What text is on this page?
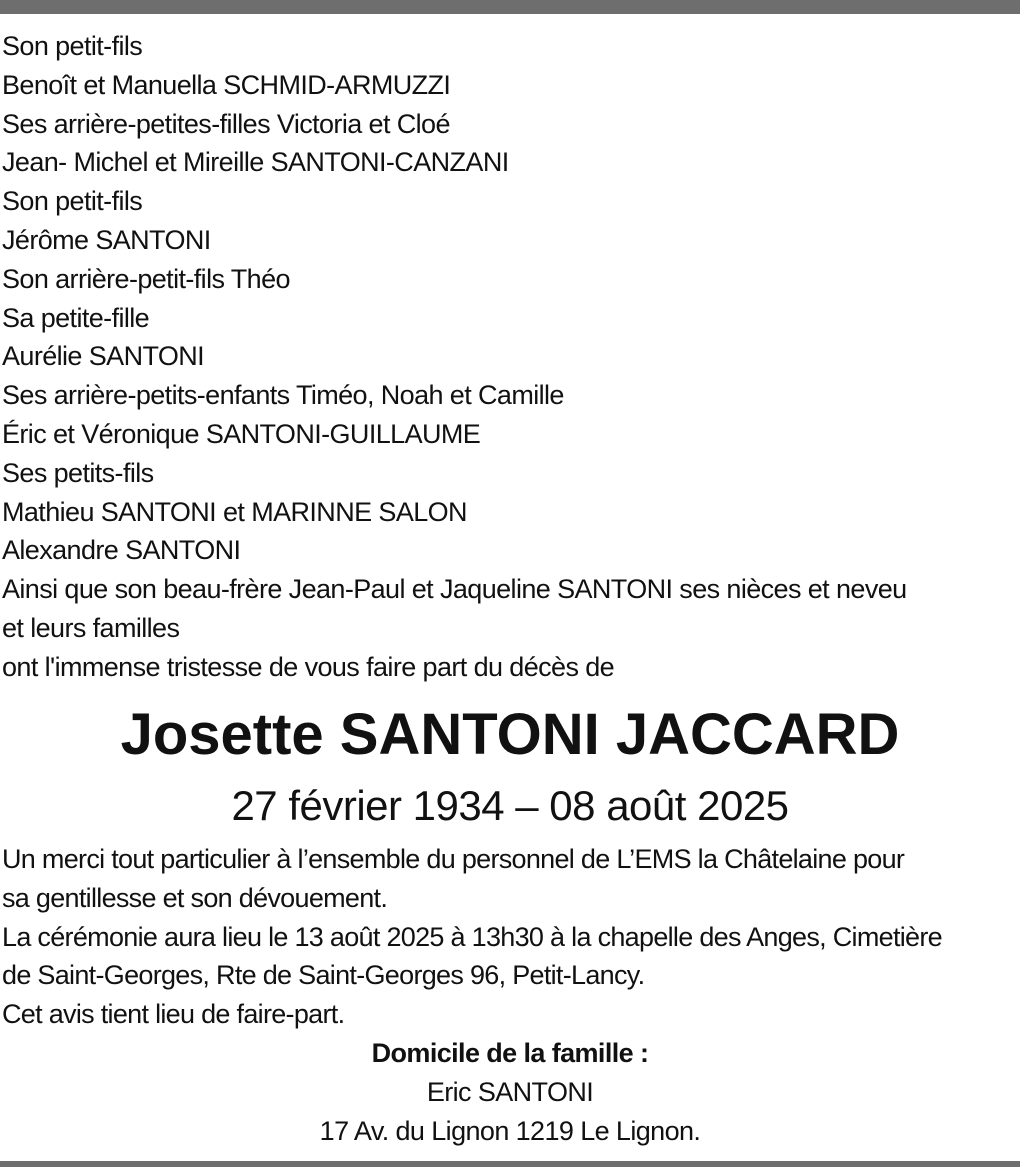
Son petit-fils
Benoît et Manuella SCHMID-ARMUZZI
Ses arrière-petites-filles Victoria et Cloé
Jean- Michel et Mireille SANTONI-CANZANI
Son petit-fils
Jérôme SANTONI
Son arrière-petit-fils Théo
Sa petite-fille
Aurélie SANTONI
Ses arrière-petits-enfants Timéo, Noah et Camille
Éric et Véronique SANTONI-GUILLAUME
Ses petits-fils
Mathieu SANTONI et MARINNE SALON
Alexandre SANTONI
Ainsi que son beau-frère Jean-Paul et Jaqueline SANTONI ses nièces et neveu
et leurs familles
ont l'immense tristesse de vous faire part du décès de
Josette SANTONI JACCARD
27 février 1934 – 08 août 2025
Un merci tout particulier à l’ensemble du personnel de L’EMS la Châtelaine pour
sa gentillesse et son dévouement.
La cérémonie aura lieu le 13 août 2025 à 13h30 à la chapelle des Anges, Cimetière
de Saint-Georges, Rte de Saint-Georges 96, Petit-Lancy.
Cet avis tient lieu de faire-part.
Domicile de la famille :
Eric SANTONI
17 Av. du Lignon 1219 Le Lignon.
